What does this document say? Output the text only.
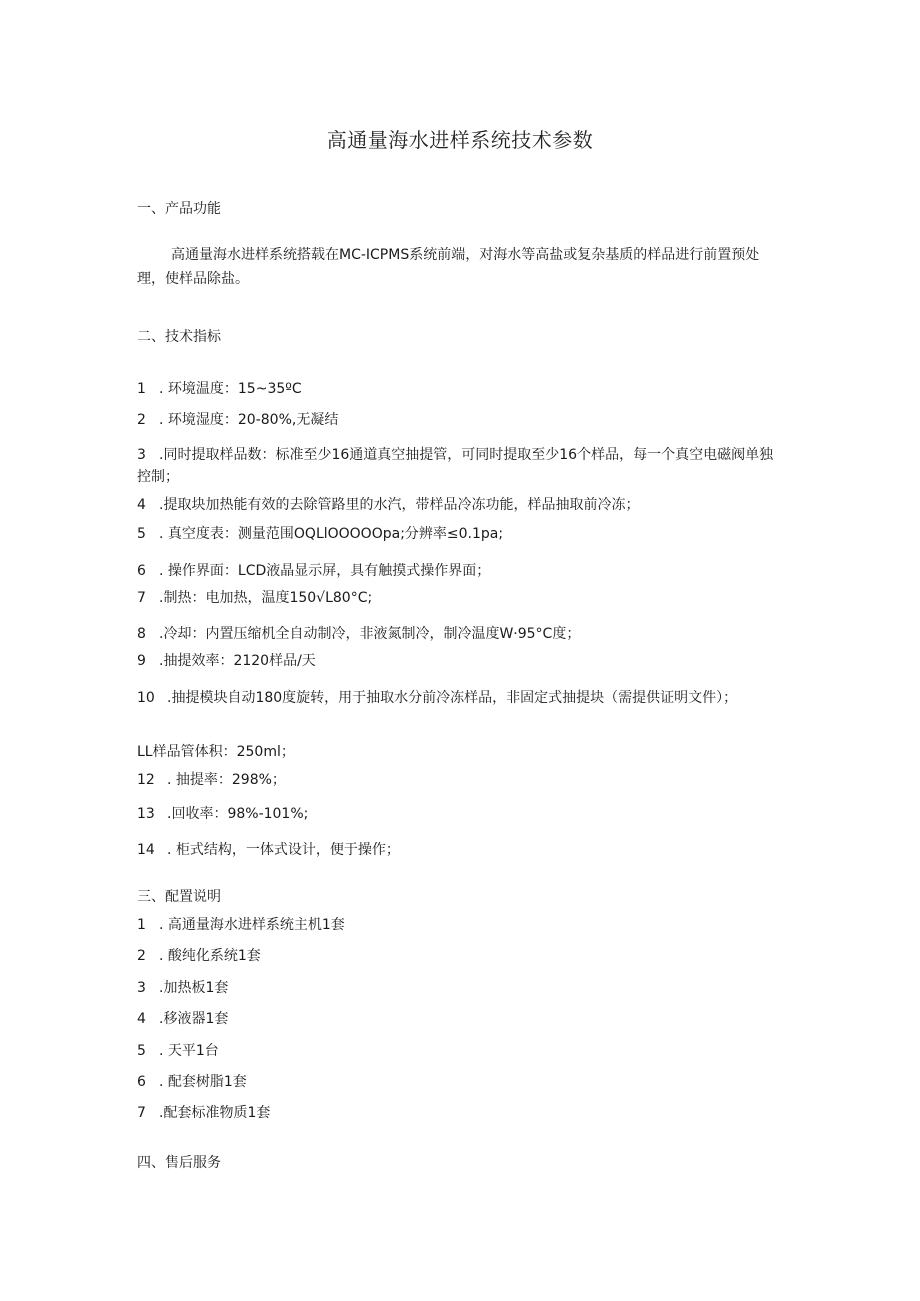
高通量海水进样系统技术参数
一、产品功能
高通量海水进样系统搭载在MC-ICPMS系统前端，对海水等高盐或复杂基质的样品进行前置预处理，使样品除盐。
二、技术指标
1 . 环境温度：15~35ºC
2 . 环境湿度：20-80%,无凝结
3 .同时提取样品数：标准至少16通道真空抽提管，可同时提取至少16个样品，每一个真空电磁阀单独控制；
4 .提取块加热能有效的去除管路里的水汽，带样品冷冻功能，样品抽取前冷冻；
5 . 真空度表：测量范围OQLlOOOOOpa;分辨率≤0.1pa;
6 . 操作界面：LCD液晶显示屏，具有触摸式操作界面；
7 .制热：电加热，温度150√L80°C;
8 .冷却：内置压缩机全自动制冷，非液氮制冷，制冷温度W·95°C度；
9 .抽提效率：2120样品/天
10 .抽提模块自动180度旋转，用于抽取水分前冷冻样品，非固定式抽提块（需提供证明文件）；
LL样品管体积：250ml；
12 . 抽提率：298%；
13 .回收率：98%-101%;
14 . 柜式结构，一体式设计，便于操作；
三、配置说明
1 . 高通量海水进样系统主机1套
2 . 酸纯化系统1套
3 .加热板1套
4 .移液器1套
5 . 天平1台
6 . 配套树脂1套
7 .配套标准物质1套
四、售后服务
